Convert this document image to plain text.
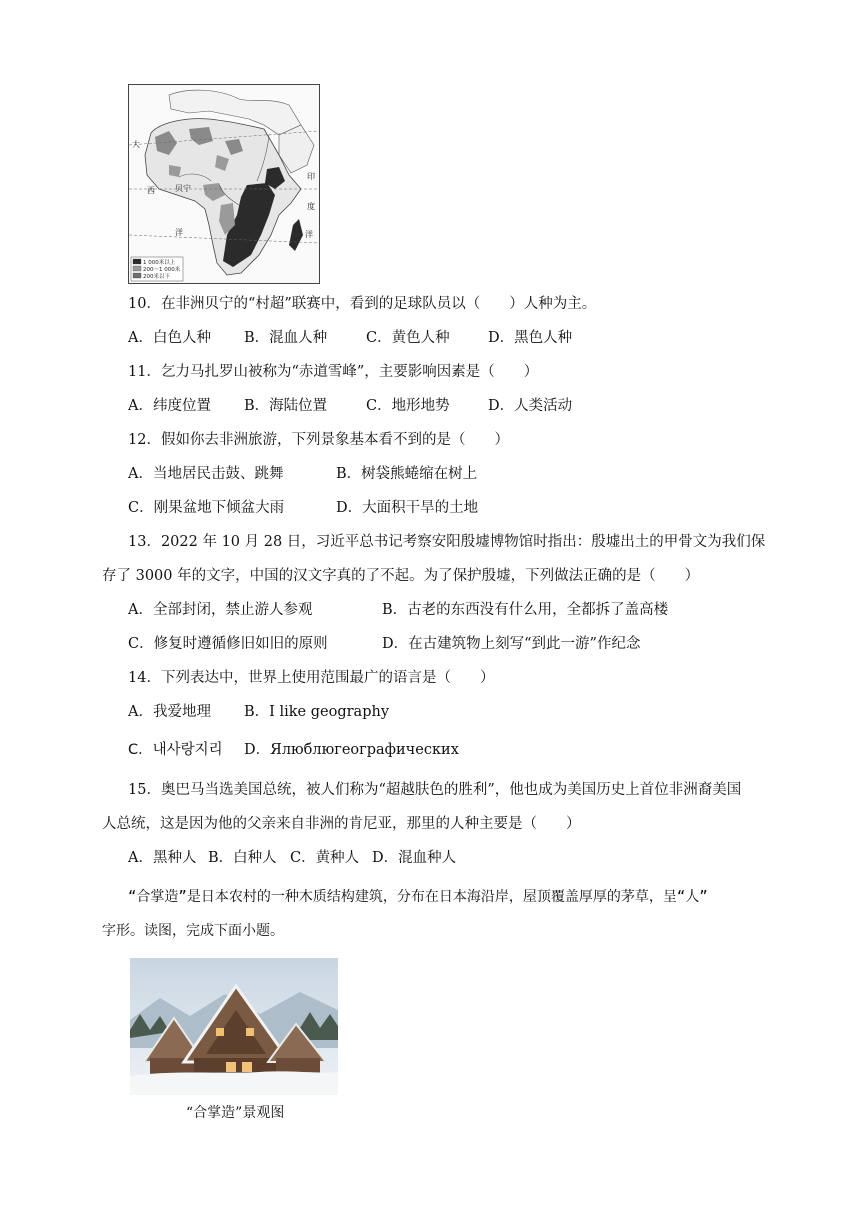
大
西
洋
贝宁
印
度
洋
1 000米以上
200～1 000米
200米以下
10．在非洲贝宁的“村超”联赛中，看到的足球队员以（　　）人种为主。
A．白色人种 B．混血人种	C．黄色人种	D．黑色人种
11．乞力马扎罗山被称为“赤道雪峰”，主要影响因素是（　　）
A．纬度位置 B．海陆位置	C．地形地势	D．人类活动
12．假如你去非洲旅游，下列景象基本看不到的是（　　）
A．当地居民击鼓、跳舞	B．树袋熊蜷缩在树上
C．刚果盆地下倾盆大雨	D．大面积干旱的土地
13．2022 年 10 月 28 日，习近平总书记考察安阳殷墟博物馆时指出：殷墟出土的甲骨文为我们保
存了 3000 年的文字，中国的汉文字真的了不起。为了保护殷墟，下列做法正确的是（　　）
A．全部封闭，禁止游人参观	B．古老的东西没有什么用，全都拆了盖高楼
C．修复时遵循修旧如旧的原则	D．在古建筑物上刻写“到此一游”作纪念
14．下列表达中，世界上使用范围最广的语言是（　　）
A．我爱地理 B．I like geography
C．내사랑지리 D．Ялюблюгеографических
15．奥巴马当选美国总统，被人们称为“超越肤色的胜利”，他也成为美国历史上首位非洲裔美国
人总统，这是因为他的父亲来自非洲的肯尼亚，那里的人种主要是（　　）
A．黑种人 B．白种人 C．黄种人 D．混血种人
“合掌造”是日本农村的一种木质结构建筑，分布在日本海沿岸，屋顶覆盖厚厚的茅草，呈“人”
字形。读图，完成下面小题。
“合掌造”景观图
